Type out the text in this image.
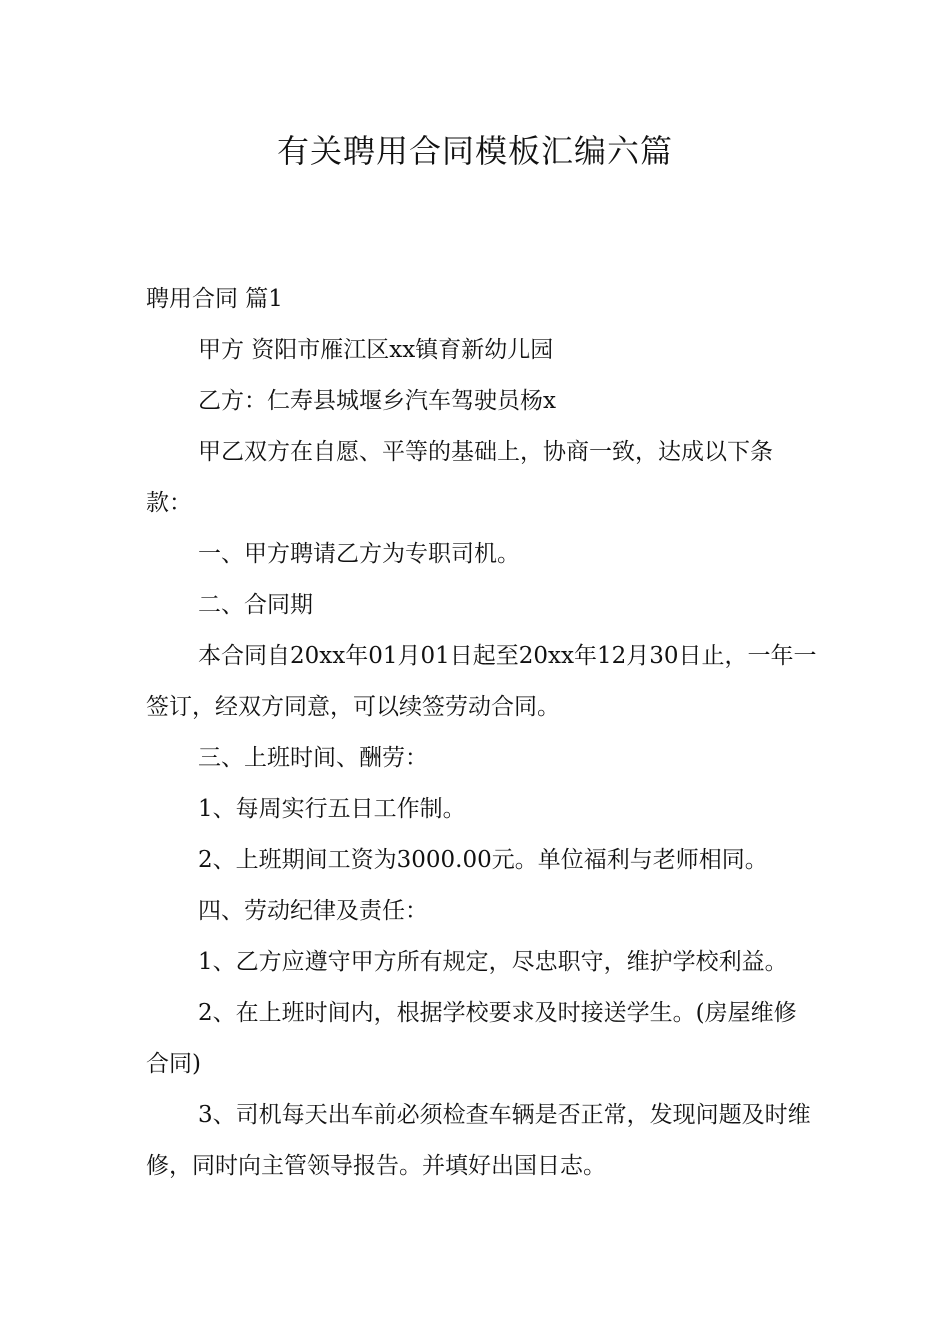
有关聘用合同模板汇编六篇

聘用合同 篇1

甲方 资阳市雁江区xx镇育新幼儿园

乙方：仁寿县城堰乡汽车驾驶员杨x

甲乙双方在自愿、平等的基础上，协商一致，达成以下条款：

一、甲方聘请乙方为专职司机。

二、合同期

本合同自20xx年01月01日起至20xx年12月30日止，一年一签订，经双方同意，可以续签劳动合同。

三、上班时间、酬劳：

1、每周实行五日工作制。

2、上班期间工资为3000.00元。单位福利与老师相同。

四、劳动纪律及责任：

1、乙方应遵守甲方所有规定，尽忠职守，维护学校利益。

2、在上班时间内，根据学校要求及时接送学生。(房屋维修合同)

3、司机每天出车前必须检查车辆是否正常，发现问题及时维修，同时向主管领导报告。并填好出国日志。
